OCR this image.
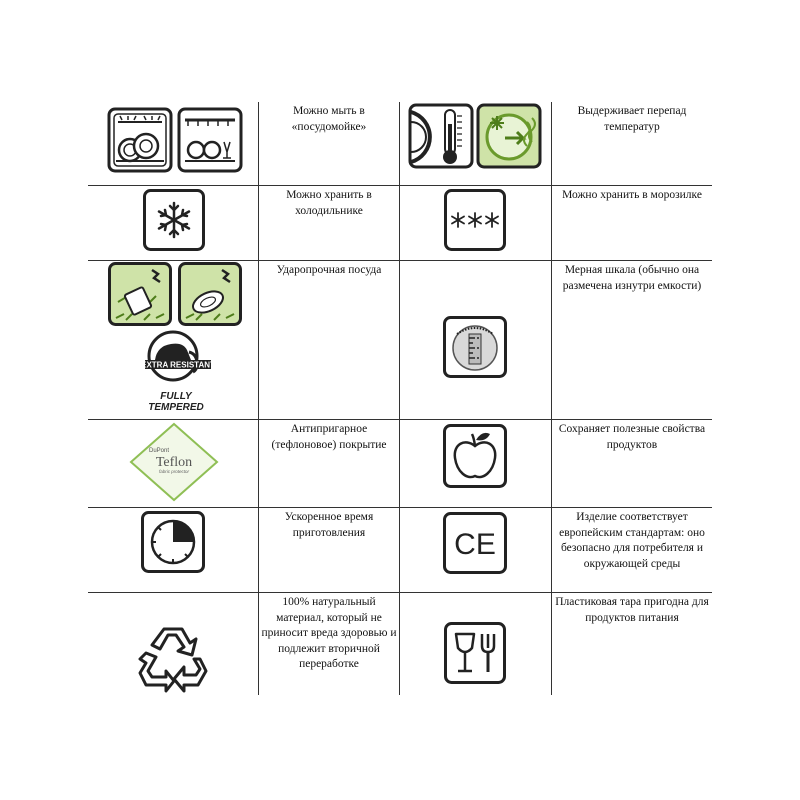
Можно мыть в «посудомойке»
Выдерживает перепад температур
Можно хранить в холодильнике
Можно хранить в морозилке
EXTRA RESISTANT
FULLY
TEMPERED
Ударопрочная посуда	Мерная шкала (обычно она размечена изнутри емкости)
DuPont
Teflon
fabric protector
Антипригарное (тефлоновое) покрытие
Сохраняет полезные свойства продуктов
Ускоренное время приготовления	CE
Изделие соответствует европейским стандартам: оно безопасно для потребителя и окружающей среды
100% натуральный материал, который не приносит вреда здоровью и подлежит вторичной переработке
Пластиковая тара пригодна для продуктов питания
